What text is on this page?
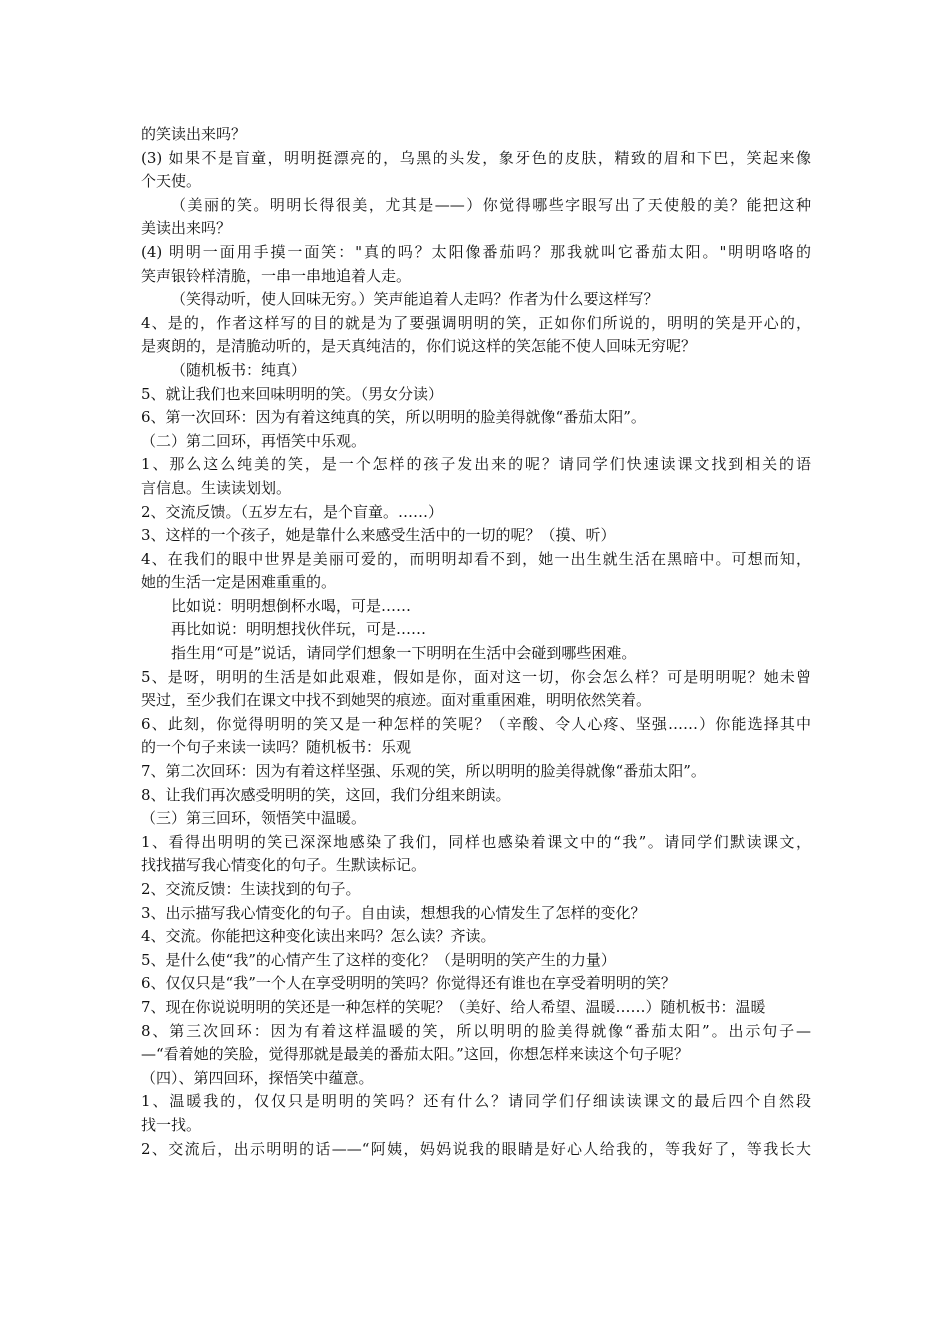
的笑读出来吗？
(3) 如果不是盲童，明明挺漂亮的，乌黑的头发，象牙色的皮肤，精致的眉和下巴，笑起来像
个天使。
（美丽的笑。明明长得很美，尤其是——）你觉得哪些字眼写出了天使般的美？能把这种
美读出来吗？
(4) 明明一面用手摸一面笑："真的吗？太阳像番茄吗？那我就叫它番茄太阳。"明明咯咯的
笑声银铃样清脆，一串一串地追着人走。
（笑得动听，使人回味无穷。）笑声能追着人走吗？作者为什么要这样写？
4、是的，作者这样写的目的就是为了要强调明明的笑，正如你们所说的，明明的笑是开心的，
是爽朗的，是清脆动听的，是天真纯洁的，你们说这样的笑怎能不使人回味无穷呢？
（随机板书：纯真）
5、就让我们也来回味明明的笑。（男女分读）
6、第一次回环：因为有着这纯真的笑，所以明明的脸美得就像“番茄太阳”。
（二）第二回环，再悟笑中乐观。
1、那么这么纯美的笑，是一个怎样的孩子发出来的呢？请同学们快速读课文找到相关的语
言信息。生读读划划。
2、交流反馈。（五岁左右，是个盲童。……）
3、这样的一个孩子，她是靠什么来感受生活中的一切的呢？（摸、听）
4、在我们的眼中世界是美丽可爱的，而明明却看不到，她一出生就生活在黑暗中。可想而知，
她的生活一定是困难重重的。
比如说：明明想倒杯水喝，可是……
再比如说：明明想找伙伴玩，可是……
指生用“可是”说话，请同学们想象一下明明在生活中会碰到哪些困难。
5、是呀，明明的生活是如此艰难，假如是你，面对这一切，你会怎么样？可是明明呢？她未曾
哭过，至少我们在课文中找不到她哭的痕迹。面对重重困难，明明依然笑着。
6、此刻，你觉得明明的笑又是一种怎样的笑呢？（辛酸、令人心疼、坚强……）你能选择其中
的一个句子来读一读吗？随机板书：乐观
7、第二次回环：因为有着这样坚强、乐观的笑，所以明明的脸美得就像“番茄太阳”。
8、让我们再次感受明明的笑，这回，我们分组来朗读。
（三）第三回环，领悟笑中温暖。
1、看得出明明的笑已深深地感染了我们，同样也感染着课文中的“我”。请同学们默读课文，
找找描写我心情变化的句子。生默读标记。
2、交流反馈：生读找到的句子。
3、出示描写我心情变化的句子。自由读，想想我的心情发生了怎样的变化？
4、交流。你能把这种变化读出来吗？怎么读？齐读。
5、是什么使“我”的心情产生了这样的变化？（是明明的笑产生的力量）
6、仅仅只是“我”一个人在享受明明的笑吗？你觉得还有谁也在享受着明明的笑？
7、现在你说说明明的笑还是一种怎样的笑呢？（美好、给人希望、温暖……）随机板书：温暖
8、第三次回环：因为有着这样温暖的笑，所以明明的脸美得就像“番茄太阳”。出示句子—
—“看着她的笑脸，觉得那就是最美的番茄太阳。”这回，你想怎样来读这个句子呢？
（四）、第四回环，探悟笑中蕴意。
1、温暖我的，仅仅只是明明的笑吗？还有什么？请同学们仔细读读课文的最后四个自然段
找一找。
2、交流后，出示明明的话——“阿姨，妈妈说我的眼睛是好心人给我的，等我好了，等我长大
